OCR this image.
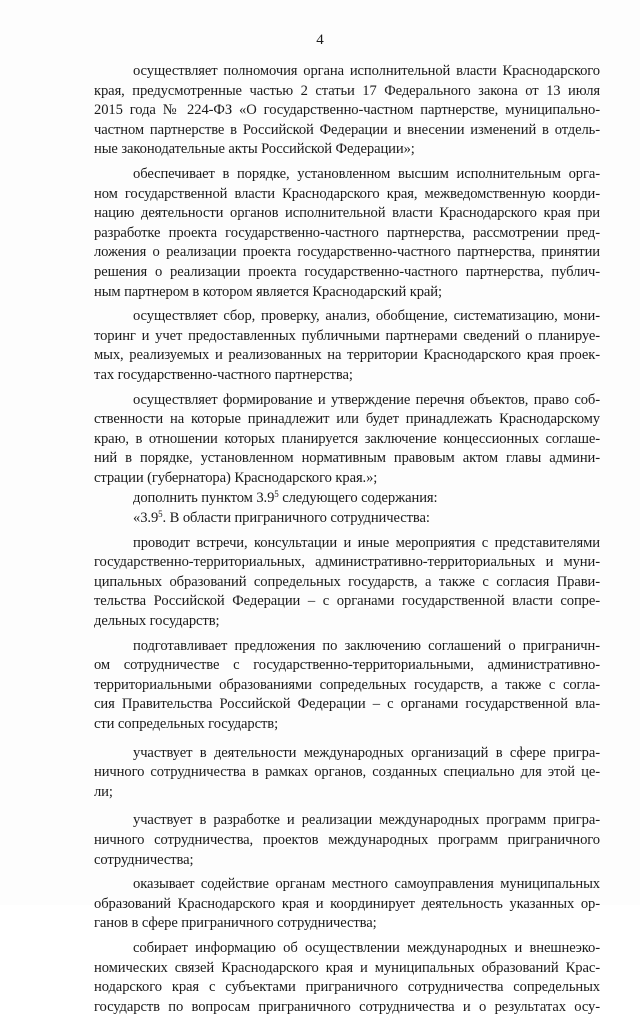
4
осуществляет полномочия органа исполнительной власти Краснодарского
края, предусмотренные частью 2 статьи 17 Федерального закона от 13 июля
2015 года № 224-ФЗ «О государственно-частном партнерстве, муниципально-
частном партнерстве в Российской Федерации и внесении изменений в отдель-
ные законодательные акты Российской Федерации»;
обеспечивает в порядке, установленном высшим исполнительным орга-
ном государственной власти Краснодарского края, межведомственную коорди-
нацию деятельности органов исполнительной власти Краснодарского края при
разработке проекта государственно-частного партнерства, рассмотрении пред-
ложения о реализации проекта государственно-частного партнерства, принятии
решения о реализации проекта государственно-частного партнерства, публич-
ным партнером в котором является Краснодарский край;
осуществляет сбор, проверку, анализ, обобщение, систематизацию, мони-
торинг и учет предоставленных публичными партнерами сведений о планируе-
мых, реализуемых и реализованных на территории Краснодарского края проек-
тах государственно-частного партнерства;
осуществляет формирование и утверждение перечня объектов, право соб-
ственности на которые принадлежит или будет принадлежать Краснодарскому
краю, в отношении которых планируется заключение концессионных соглаше-
ний в порядке, установленном нормативным правовым актом главы админи-
страции (губернатора) Краснодарского края.»;
дополнить пунктом $3.9^5$ следующего содержания:
«$3.9^5$. В области приграничного сотрудничества:
проводит встречи, консультации и иные мероприятия с представителями
государственно-территориальных, административно-территориальных и муни-
ципальных образований сопредельных государств, а также с согласия Прави-
тельства Российской Федерации – с органами государственной власти сопре-
дельных государств;
подготавливает предложения по заключению соглашений о приграничн-
ом сотрудничестве с государственно-территориальными, административно-
территориальными образованиями сопредельных государств, а также с согла-
сия Правительства Российской Федерации – с органами государственной вла-
сти сопредельных государств;
участвует в деятельности международных организаций в сфере пригра-
ничного сотрудничества в рамках органов, созданных специально для этой це-
ли;
участвует в разработке и реализации международных программ пригра-
ничного сотрудничества, проектов международных программ приграничного
сотрудничества;
оказывает содействие органам местного самоуправления муниципальных
образований Краснодарского края и координирует деятельность указанных ор-
ганов в сфере приграничного сотрудничества;
собирает информацию об осуществлении международных и внешнеэко-
номических связей Краснодарского края и муниципальных образований Крас-
нодарского края с субъектами приграничного сотрудничества сопредельных
государств по вопросам приграничного сотрудничества и о результатах осу-
